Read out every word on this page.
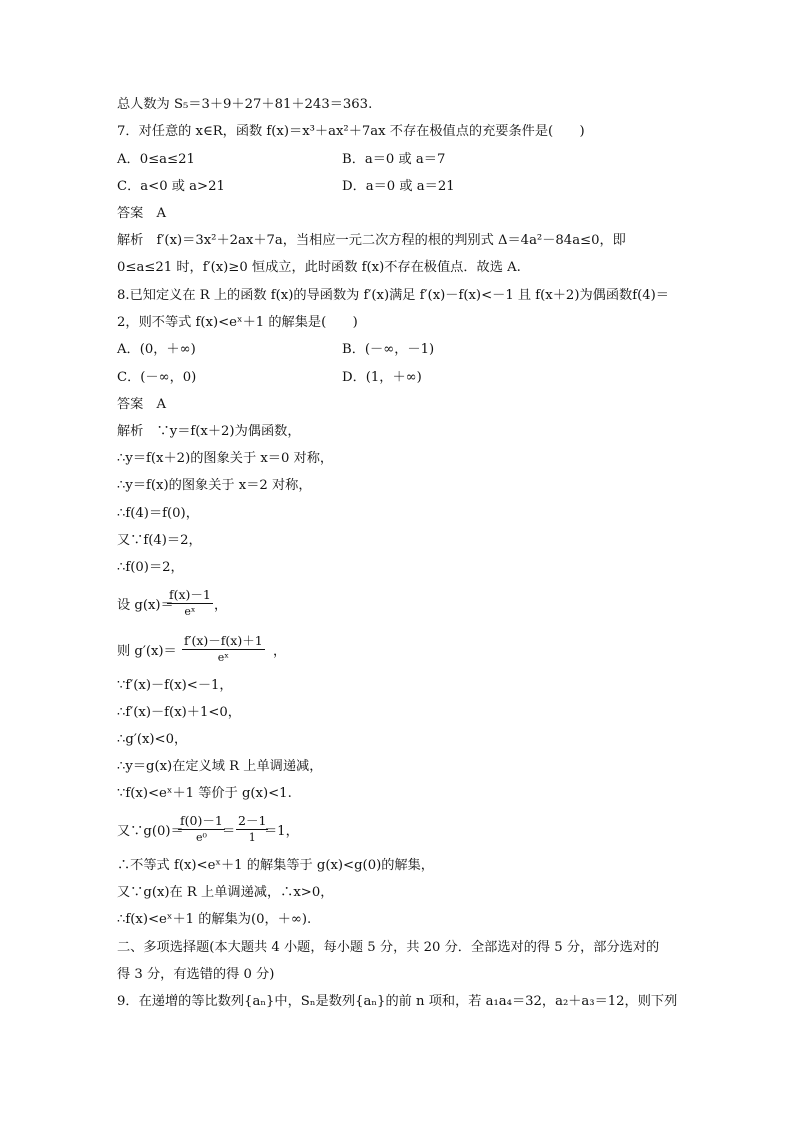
总人数为 S₅＝3＋9＋27＋81＋243＝363.
7．对任意的 x∈R，函数 f(x)＝x³＋ax²＋7ax 不存在极值点的充要条件是(　　)
A．0≤a≤21	B．a＝0 或 a＝7
C．a<0 或 a>21	D．a＝0 或 a＝21
答案　A
解析　f′(x)＝3x²＋2ax＋7a，当相应一元二次方程的根的判别式 Δ＝4a²－84a≤0，即
0≤a≤21 时，f′(x)≥0 恒成立，此时函数 f(x)不存在极值点．故选 A.
8.已知定义在 R 上的函数 f(x)的导函数为 f′(x)满足 f′(x)－f(x)<－1 且 f(x＋2)为偶函数f(4)＝
2，则不等式 f(x)<eˣ＋1 的解集是(　　)
A．(0，＋∞)	B．(－∞，－1)
C．(－∞，0)	D．(1，＋∞)
答案　A
解析　∵y＝f(x＋2)为偶函数，
∴y＝f(x＋2)的图象关于 x＝0 对称，
∴y＝f(x)的图象关于 x＝2 对称，
∴f(4)＝f(0)，
又∵f(4)＝2，
∴f(0)＝2，
设 g(x)＝
$\frac{f(x)-1}{\text{eˣ}}$ ，
则 $g'(x)= \frac{f'(x)-f(x)+1}{\text{eˣ}}$ ，
∵f′(x)－f(x)<－1，
∴f′(x)－f(x)＋1<0，
∴g′(x)<0，
∴y＝g(x)在定义域 R 上单调递减，
∵f(x)<eˣ＋1 等价于 g(x)<1.
又∵g(0)＝
$\frac{f(0)-1}{\text{e⁰}}$
＝ $\frac{2-1}{1}$
＝1，
∴不等式 f(x)<eˣ＋1 的解集等于 g(x)<g(0)的解集，
又∵g(x)在 R 上单调递减，∴x>0，
∴f(x)<eˣ＋1 的解集为(0，＋∞).
二、多项选择题(本大题共 4 小题，每小题 5 分，共 20 分．全部选对的得 5 分，部分选对的
得 3 分，有选错的得 0 分)
9．在递增的等比数列{aₙ}中，Sₙ是数列{aₙ}的前 n 项和，若 a₁a₄＝32，a₂＋a₃＝12，则下列
